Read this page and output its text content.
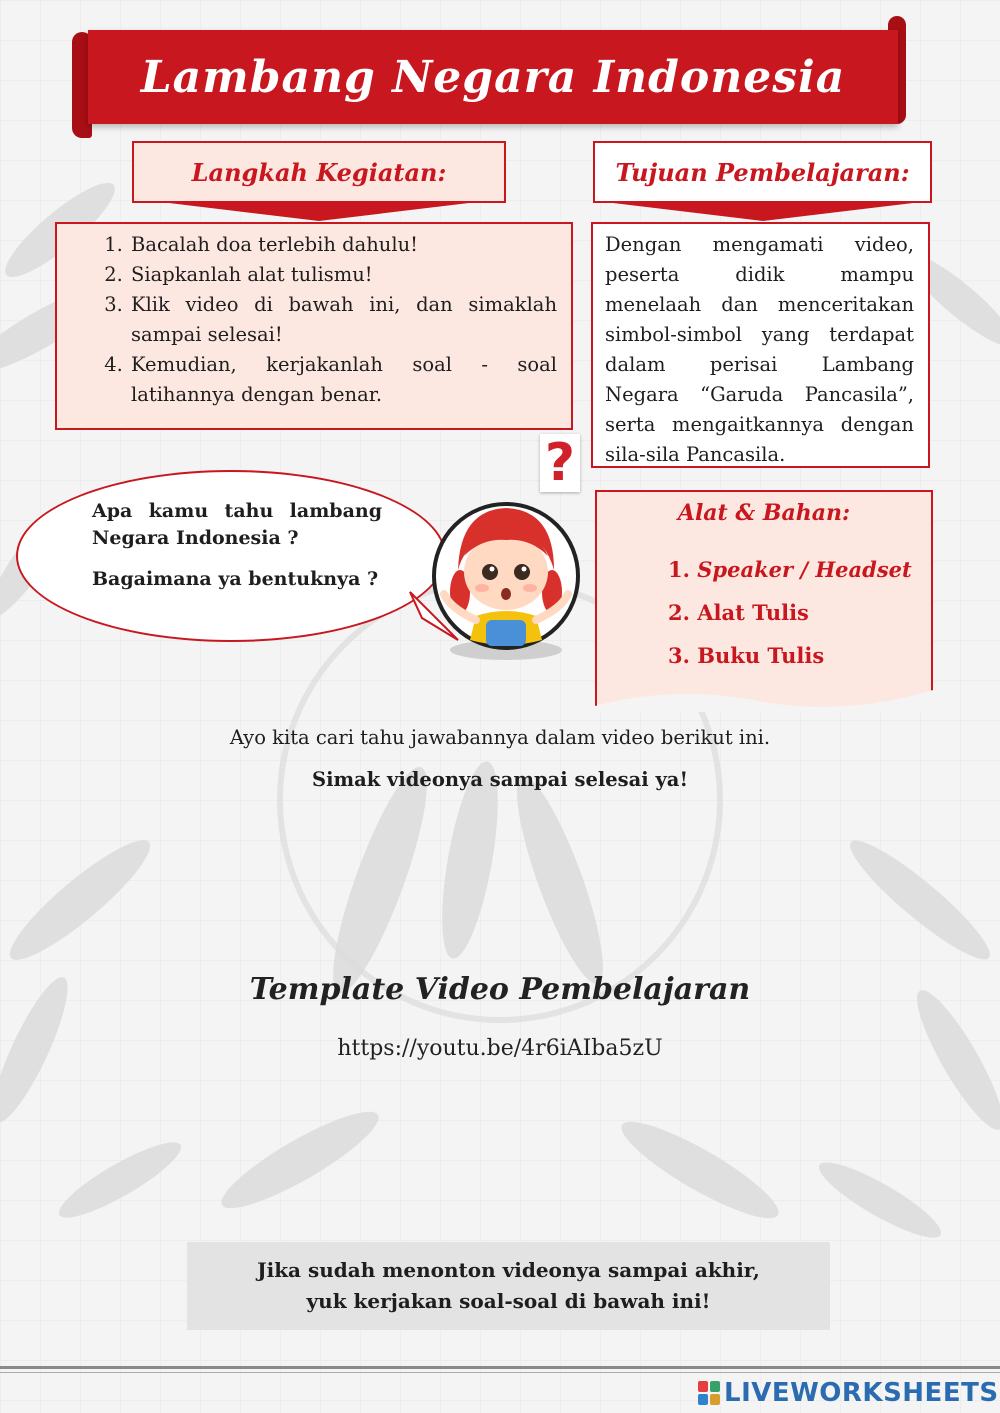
Lambang Negara Indonesia
Langkah Kegiatan:	Tujuan Pembelajaran:
1. Bacalah doa terlebih dahulu!
2. Siapkanlah alat tulismu!
3. Klik video di bawah ini, dan simaklah sampai selesai!
4. Kemudian, kerjakanlah soal - soal latihannya dengan benar.
Dengan mengamati video, peserta didik mampu menelaah dan menceritakan simbol-simbol yang terdapat dalam perisai Lambang Negara “Garuda Pancasila”, serta mengaitkannya dengan sila-sila Pancasila.
?

Apa kamu tahu lambang Negara Indonesia ?

Bagaimana ya bentuknya ?

Alat & Bahan:
1. Speaker / Headset
2. Alat Tulis
3. Buku Tulis
Ayo kita cari tahu jawabannya dalam video berikut ini.
Simak videonya sampai selesai ya!
Template Video Pembelajaran
https://youtu.be/4r6iAIba5zU
Jika sudah menonton videonya sampai akhir,
yuk kerjakan soal-soal di bawah ini!
LIVEWORKSHEETS
